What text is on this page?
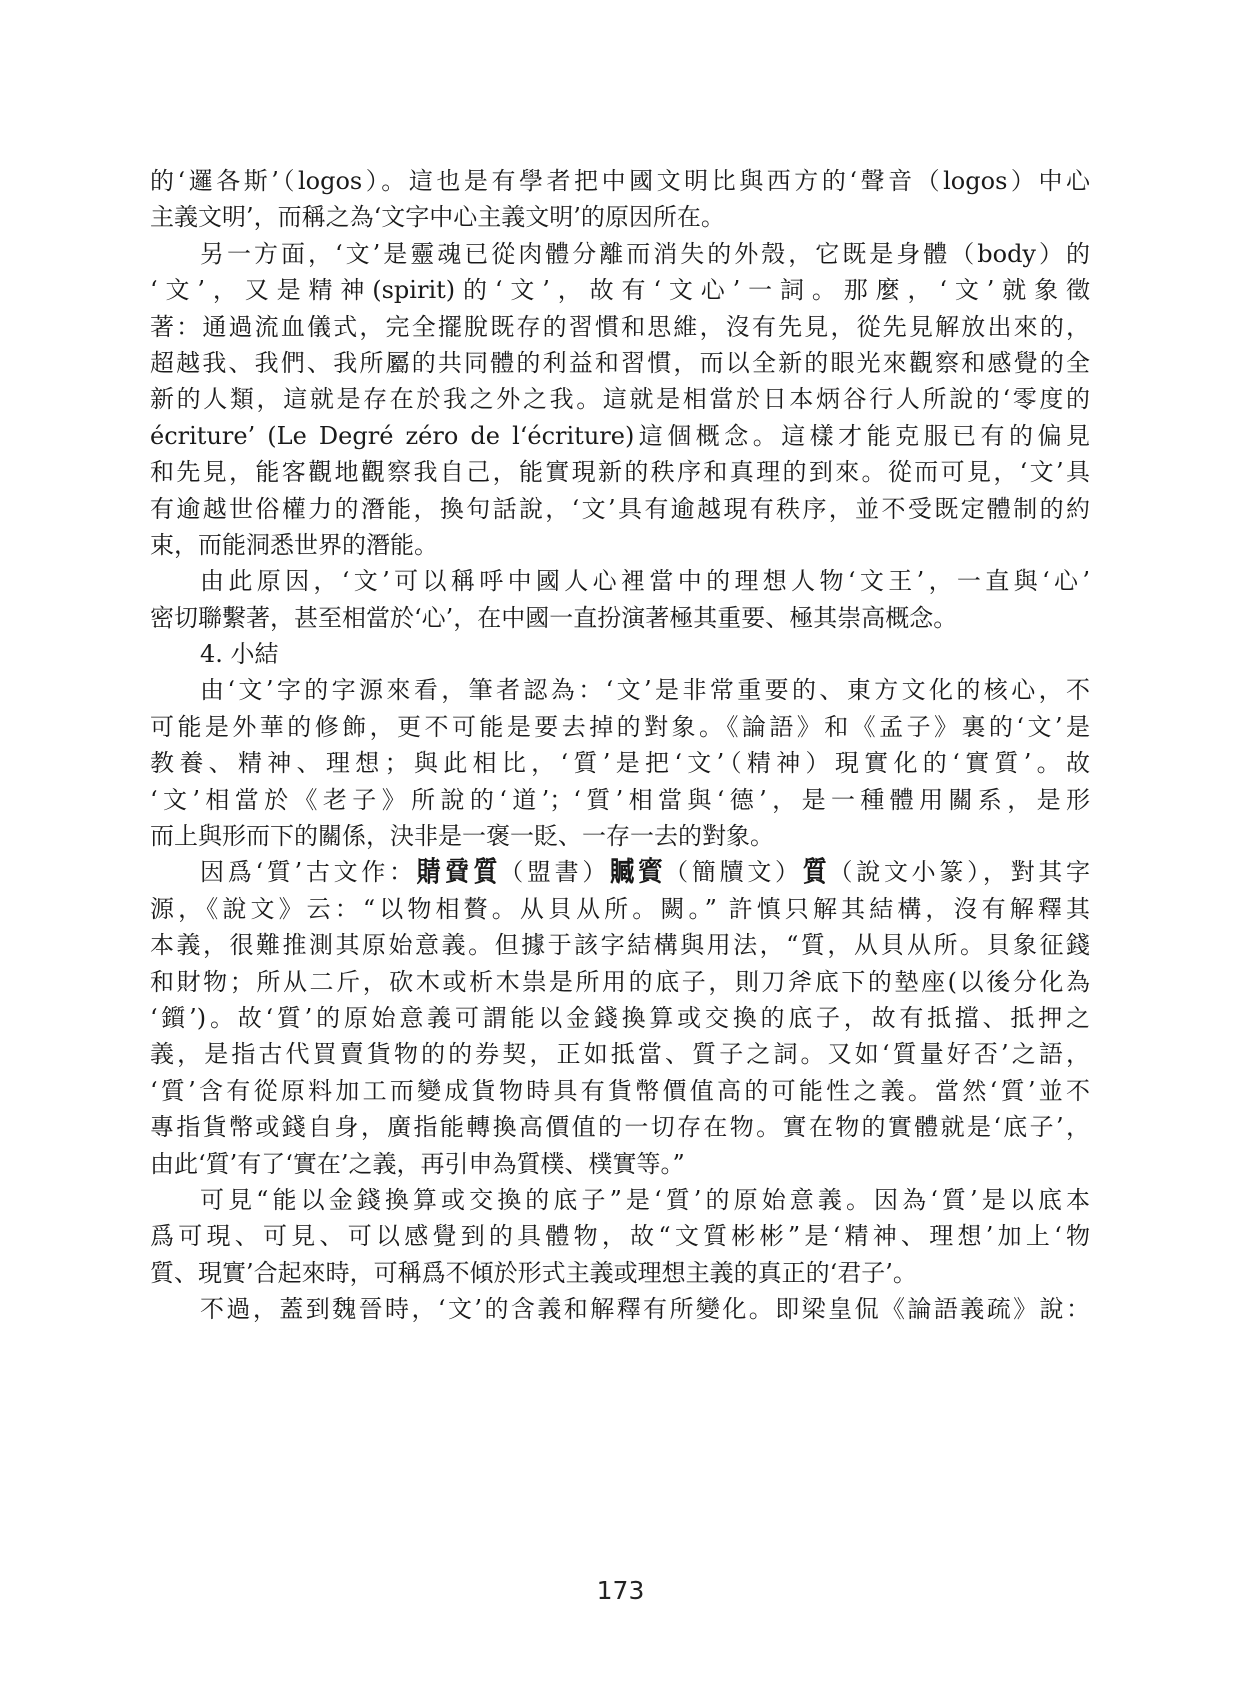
的‘邏各斯’（logos）。這也是有學者把中國文明比與西方的‘聲音（logos）中心
主義文明’，而稱之為‘文字中心主義文明’的原因所在。
另一方面，‘文’是靈魂已從肉體分離而消失的外殼，它既是身體（body）的
‘文’，又是精神(spirit)的‘文’，故有‘文心’一詞。那麼，‘文’就象徵
著：通過流血儀式，完全擺脫既存的習慣和思維，沒有先見，從先見解放出來的，
超越我、我們、我所屬的共同體的利益和習慣，而以全新的眼光來觀察和感覺的全
新的人類，這就是存在於我之外之我。這就是相當於日本炳谷行人所說的‘零度的
écriture’ (Le Degré zéro de l‘écriture)這個概念。這樣才能克服已有的偏見
和先見，能客觀地觀察我自己，能實現新的秩序和真理的到來。從而可見，‘文’具
有逾越世俗權力的潛能，換句話說，‘文’具有逾越現有秩序，並不受既定體制的約
束，而能洞悉世界的潛能。
由此原因，‘文’可以稱呼中國人心裡當中的理想人物‘文王’，一直與‘心’
密切聯繫著，甚至相當於‘心’，在中國一直扮演著極其重要、極其崇高概念。
4. 小結
由‘文’字的字源來看，筆者認為：‘文’是非常重要的、東方文化的核心，不
可能是外華的修飾，更不可能是要去掉的對象。《論語》和《孟子》裏的‘文’是
教養、精神、理想；與此相比，‘質’是把‘文’（精神）現實化的‘實質’。故
‘文’相當於《老子》所說的‘道’；‘質’相當與‘德’，是一種體用關系，是形
而上與形而下的關係，決非是一褒一貶、一存一去的對象。
因爲‘質’古文作：䝼 𧶜 質（盟書）𧷢 𧶡（簡牘文）質（說文小篆），對其字
源，《說文》云：“以物相贅。从貝从所。闕。” 許慎只解其結構，沒有解釋其
本義，很難推測其原始意義。但據于該字結構與用法，“質，从貝从所。貝象征錢
和財物；所从二斤，砍木或析木祟是所用的底子，則刀斧底下的墊座(以後分化為
‘鑕’)。故‘質’的原始意義可謂能以金錢換算或交換的底子，故有抵擋、抵押之
義，是指古代買賣貨物的的券契，正如抵當、質子之詞。又如‘質量好否’之語，
‘質’含有從原料加工而變成貨物時具有貨幣價值高的可能性之義。當然‘質’並不
專指貨幣或錢自身，廣指能轉換高價值的一切存在物。實在物的實體就是‘底子’，
由此‘質’有了‘實在’之義，再引申為質樸、樸實等。”
可見“能以金錢換算或交換的底子”是‘質’的原始意義。因為‘質’是以底本
爲可現、可見、可以感覺到的具體物，故“文質彬彬”是‘精神、理想’加上‘物
質、現實’合起來時，可稱爲不傾於形式主義或理想主義的真正的‘君子’。
不過，蓋到魏晉時，‘文’的含義和解釋有所變化。即梁皇侃《論語義疏》說：
173
